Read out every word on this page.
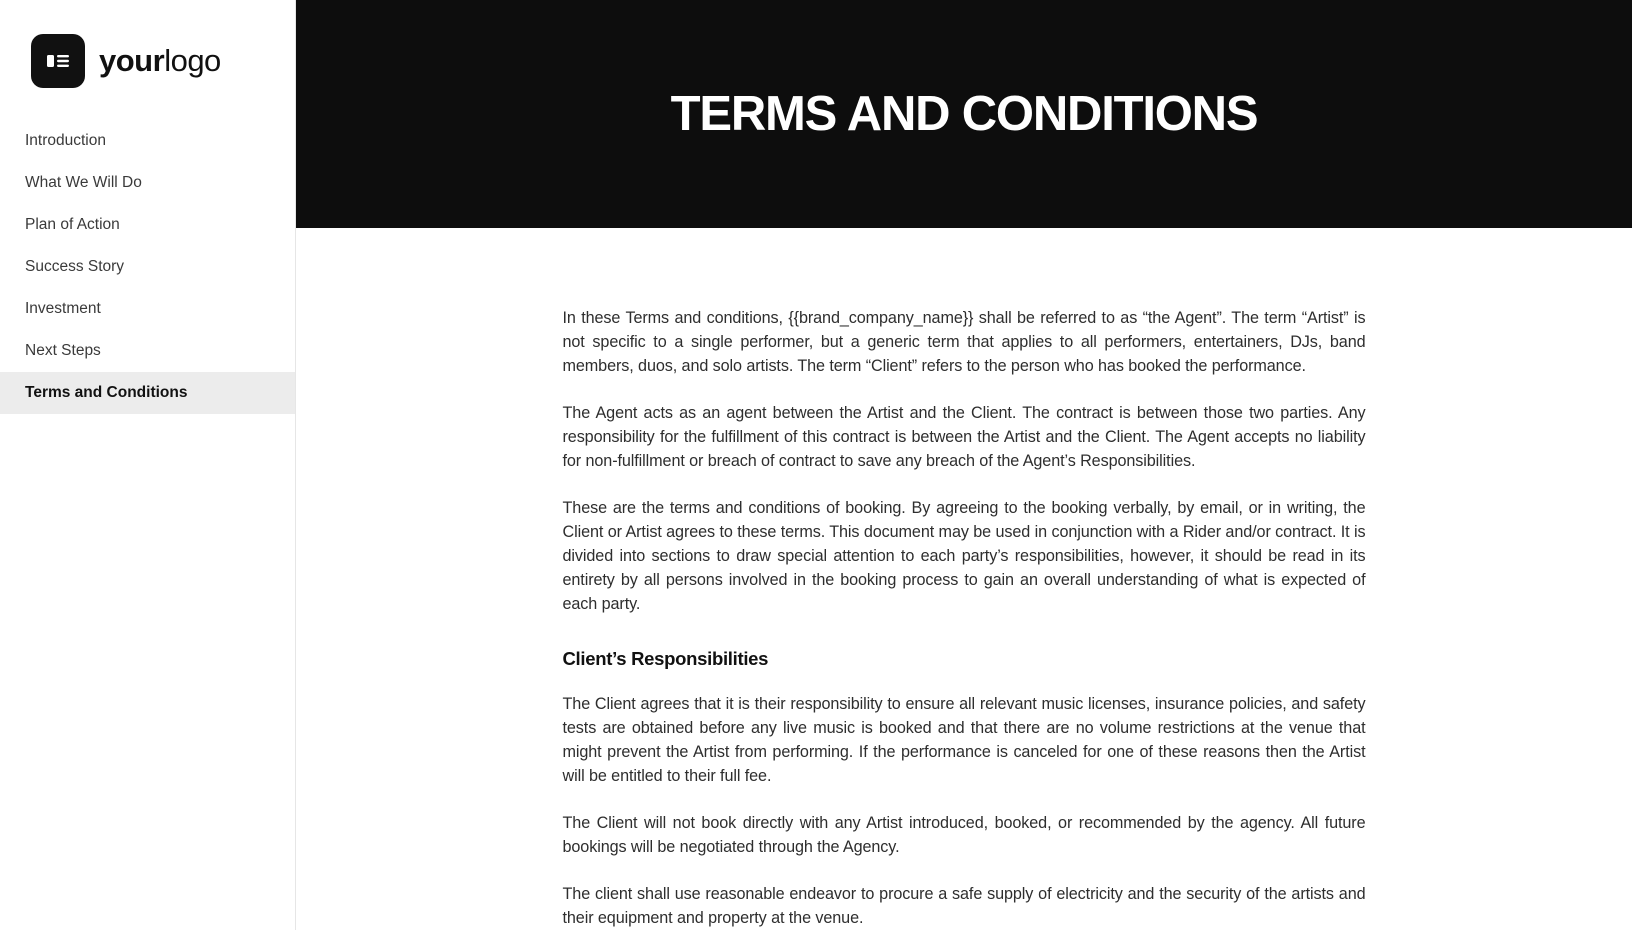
yourlogo
Introduction
What We Will Do
Plan of Action
Success Story
Investment
Next Steps
Terms and Conditions
TERMS AND CONDITIONS

In these Terms and conditions, {{brand_company_name}} shall be referred to as “the Agent”. The term “Artist” is not specific to a single performer, but a generic term that applies to all performers, entertainers, DJs, band members, duos, and solo artists. The term “Client” refers to the person who has booked the performance.

The Agent acts as an agent between the Artist and the Client. The contract is between those two parties. Any responsibility for the fulfillment of this contract is between the Artist and the Client. The Agent accepts no liability for non-fulfillment or breach of contract to save any breach of the Agent’s Responsibilities.

These are the terms and conditions of booking. By agreeing to the booking verbally, by email, or in writing, the Client or Artist agrees to these terms. This document may be used in conjunction with a Rider and/or contract. It is divided into sections to draw special attention to each party’s responsibilities, however, it should be read in its entirety by all persons involved in the booking process to gain an overall understanding of what is expected of each party.

Client’s Responsibilities

The Client agrees that it is their responsibility to ensure all relevant music licenses, insurance policies, and safety tests are obtained before any live music is booked and that there are no volume restrictions at the venue that might prevent the Artist from performing. If the performance is canceled for one of these reasons then the Artist will be entitled to their full fee.

The Client will not book directly with any Artist introduced, booked, or recommended by the agency. All future bookings will be negotiated through the Agency.

The client shall use reasonable endeavor to procure a safe supply of electricity and the security of the artists and their equipment and property at the venue.
